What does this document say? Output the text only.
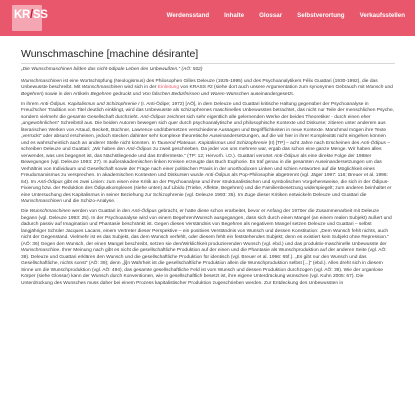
KR/SS	Werdensstand Inhalte Glossar Selbstverortung Verkaufsstellen
Wunschmaschine [machine désirante]

„Die Wunschmaschinen bilden das nicht-ödipale Leben des Unbewußten.“ (AÖ: 502)

Wunschmaschinen ist eine Wortschöpfung (Neologismus) des Philosophen Gilles Deleuze (1925-1995) und des Psychoanalytikers Félix Guattari (1930-1992), die das Unbewusste beschreibt. Mit Wunschmaschinen wird sich in der Einleitung von KRASS #2 (siehe dort auch unsere Argumentation zum synonymen Gebrauch mit Wunsch und Begehren) sowie in den Artikeln Begehren gedruckt und Von falschen Bedürfnissen und Waren-Wünschen auseinandergesetzt.

In ihrem Anti-Ödipus. Kapitalismus und Schizophrenie I (I. Anti-Ödipe; 1972) [AÖ], in dem Deleuze und Guattari kritische Haltung gegenüber der Psychoanalyse in Freud’scher Tradition von Titel deutlich einklingt, wird das Unbewusste als schizophrenes maschinelles Unbewusstes betrachtet, das nicht nur Teile der menschlichen Psyche, sondern vielmehr die gesamte Gesellschaft durchzieht. Anti-Ödipus zeichnet sich sehr eigentlich alle gelernenden Werke der beiden Theoretiker - durch einen eher „ungewöhnlichen“ Schreibstil aus. Die beiden Autoren bewegen sich quer durch psychoanalytische und philosophische Kontexte und Diskurse; zitieren unter anderem aus literarischen Werken von Artaud, Beckett, Büchner, Lawrence und/übersetzen verschiedene Aussagen und Begrifflichkeiten in neue Kontexte. Manchmal mögen ihre Texte „verrückt“ oder absurd erscheinen, jedoch stecken dahinter sehr komplexe theoretische Auseinandersetzungen, auf die wir hier in ihrer Komplexität nicht eingehen können und es wahrscheinlich auch an anderer Stelle nicht könnten. In Tausend Plateaus. Kapitalismus und Schizophrenie (II) [TP] – acht Jahre nach Erscheinen des Anti-Ödipus – schreiben Deleuze und Guattari: „Wir haben den Anti-Ödipus zu zweit geschrieben. Da jeder von uns mehrere war, ergab das schon eine ganze Menge. Wir haben alles verwendet, was uns begegnet ist, das Nächstliegende und das Entfernteste.“ (TP: 12; Hervorh. i.O.). Guattari verortet Anti-Ödipus als eine direkte Folge der 1968er Bewegungen (vgl. Deleuze 1993: 27). In außerakademischen linken Kreisen erzeugte das Buch Euphorie. Es traf genau in die gesamten Auseinandersetzungen um das Verhältnis von Individuum und Gesellschaft sowie der Frage nach einer politischen Praxis in der unorthodoxen Linken und schien Antworten auf die Möglichkeit eines Freudomarxismus zu versprechen. In akademischen Kontexten und Diskursen wurde Anti-Ödipus als Pop-Philosophie abgetrennt (vgl. Jäger 1997: 116; Breuer et al. 1996: 64). Im Anti-Ödipus gibt es zwei Linien: zum einen eine Kritik an der Psychoanalyse und ihrer strukturalistischen und symbolischen Vorgehensweise, die sich in der Ödipus-Fixierung bzw. der Reduktion des Ödipuskomplexes (siehe unten) auf Libido (Triebe, Affekte, Begehren) und die Familienbesetzung widerspiegelt; zum anderen beinhaltet er eine Untersuchung des Kapitalismus in seiner Beziehung zur Schizophrenie (vgl. Deleuze 1993: 35). Im Zuge dieser Kritiken entwickeln Deleuze und Guattari die Wunschmaschinen und die Schizo-Analyse.

Die Wunschmaschinen werden von Guattari in den Anti-Ödipus gebracht, er hatte diese schon erarbeitet, bevor er Anfang der 1970er die Zusammenarbeit mit Deleuze begann (vgl. Deleuze 1993: 25). In der Psychoanalyse wird von einem Begehren/Wunsch ausgegangen, dass sich durch einen Mangel (an einem realen Subjekt) äußert und dadurch passiv auf Imagination und Phantasie beschränkt ist. Gegen dieses Verständnis von Begehren als negativem Mangel setzen Deleuze und Guattari – selbst langjähriger Schüler Jacques Lacans, einem Vertreter dieser Perspektive – ein positives Verständnis von Wunsch und dessen Konstitution: „Dem Wunsch fehlt nichts, auch nicht der Gegenstand. Vielmehr ist es das Subjekt, das dem Wunsch verfehlt, oder diesem fehlt ein feststehendes Subjekt; denn es existiert kein Subjekt ohne Repression.“ (AÖ: 36) Gegen den Wunsch, der einen Mangel beschreibt, setzen sie den/Wirklichkeit produzierenden Wunsch (vgl. ebd.) und das produktiv-maschinelle Unbewusste der Wunschmaschine. Ihrer Meinung nach gibt es nicht die gesellschaftliche Produktion auf der einen und die Phantasie als Wunschproduktion auf der anderen Seite (vgl. AÖ: 38). Deleuze und Guattari erklären den Wunsch und die gesellschaftliche Produktion für identisch (vgl. Breuer et al. 1996: 65f.). „Es gibt nur den Wunsch und das Gesellschaftliche, nichts sonst“ (AÖ: 39); denn „[i]n Wahrheit ist die gesellschaftliche Produktion allein die Wunschproduktion selbst [...]“ (ebd.). Alles dreht sich in diesem Sinne um die Wunschproduktion (vgl. AÖ: 494), das gesamte gesellschaftliche Feld ist vom Wunsch und dessen Produktion durchzogen (vgl. AÖ: 39). Wie der organlose Körper (siehe Glossar) kann der Wunsch durch Konventionen, wie in gesellschaftlich besetzt ist, ihre eigene Unterdrückung wünschen (vgl. Kuhn 2005: 67). Die Unterdrückung des Wunsches muss daher bei einem Prozess kapitalistischer Produktion zugeschrieben werden. Zur Entdeckung des Unbewussten in
